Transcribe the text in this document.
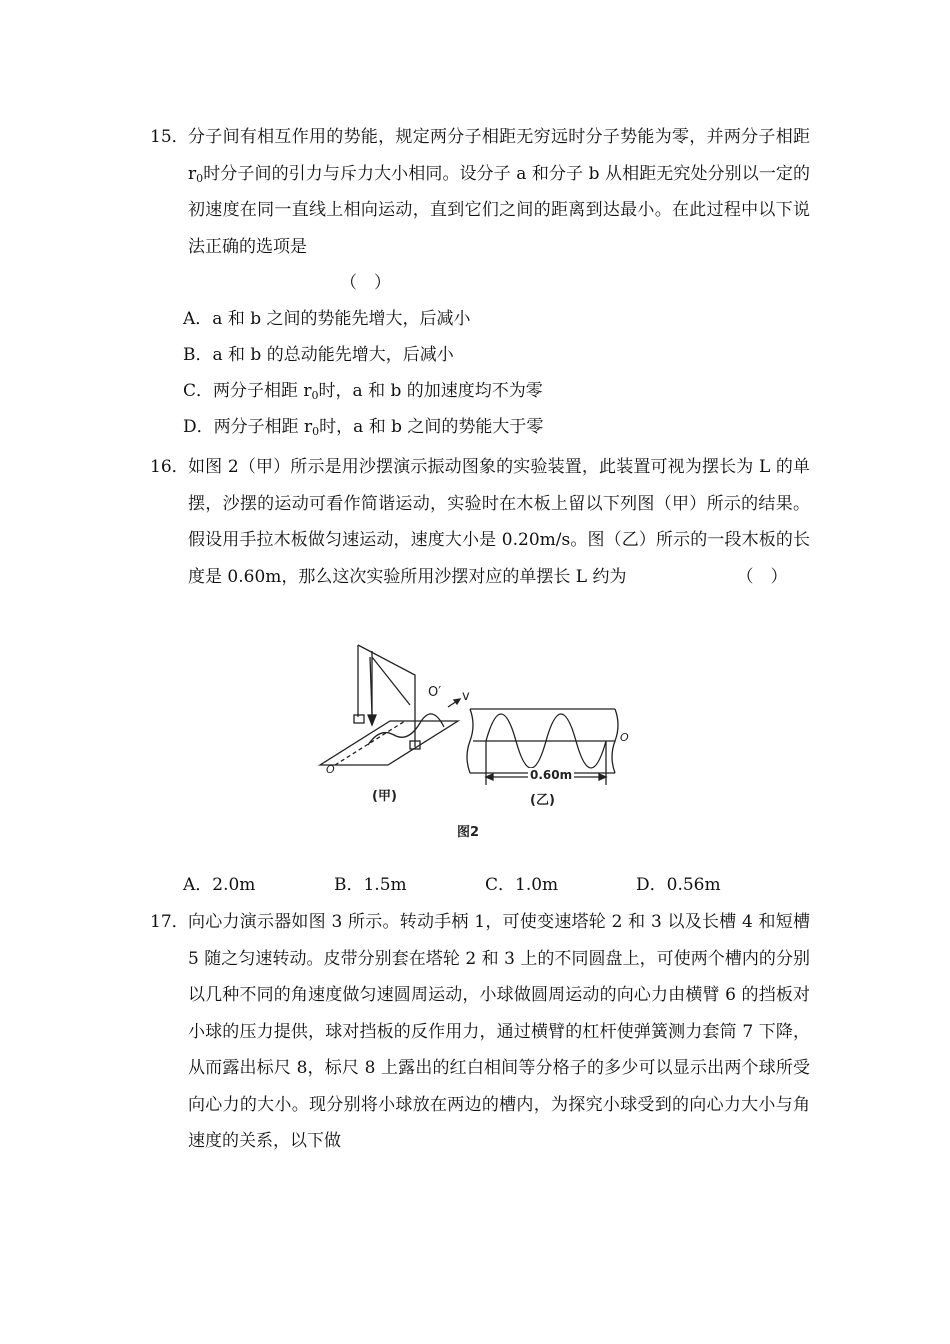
15． 分子间有相互作用的势能，规定两分子相距无穷远时分子势能为零，并两分子相距 $r_0$时分子间的引力与斥力大小相同。设分子 a 和分子 b 从相距无究处分别以一定的初速度在同一直线上相向运动，直到它们之间的距离到达最小。在此过程中以下说法正确的选项是
（　）
A．a 和 b 之间的势能先增大，后减小
B．a 和 b 的总动能先增大，后减小
C．两分子相距 $r_0$时，a 和 b 的加速度均不为零
D．两分子相距 $r_0$时，a 和 b 之间的势能大于零
16． 如图 2（甲）所示是用沙摆演示振动图象的实验装置，此装置可视为摆长为 L 的单摆，沙摆的运动可看作简谐运动，实验时在木板上留以下列图（甲）所示的结果。假设用手拉木板做匀速运动，速度大小是 0.20m/s。图（乙）所示的一段木板的长度是 0.60m，那么这次实验所用沙摆对应的单摆长 L 约为	（　）
O′ v
O
O
0.60m
(甲)	(乙)
图2
A．2.0m	B．1.5m	C．1.0m	D．0.56m
17． 向心力演示器如图 3 所示。转动手柄 1，可使变速塔轮 2 和 3 以及长槽 4 和短槽 5 随之匀速转动。皮带分别套在塔轮 2 和 3 上的不同圆盘上，可使两个槽内的分别以几种不同的角速度做匀速圆周运动，小球做圆周运动的向心力由横臂 6 的挡板对小球的压力提供，球对挡板的反作用力，通过横臂的杠杆使弹簧测力套筒 7 下降，从而露出标尺 8，标尺 8 上露出的红白相间等分格子的多少可以显示出两个球所受向心力的大小。现分别将小球放在两边的槽内，为探究小球受到的向心力大小与角速度的关系，以下做
